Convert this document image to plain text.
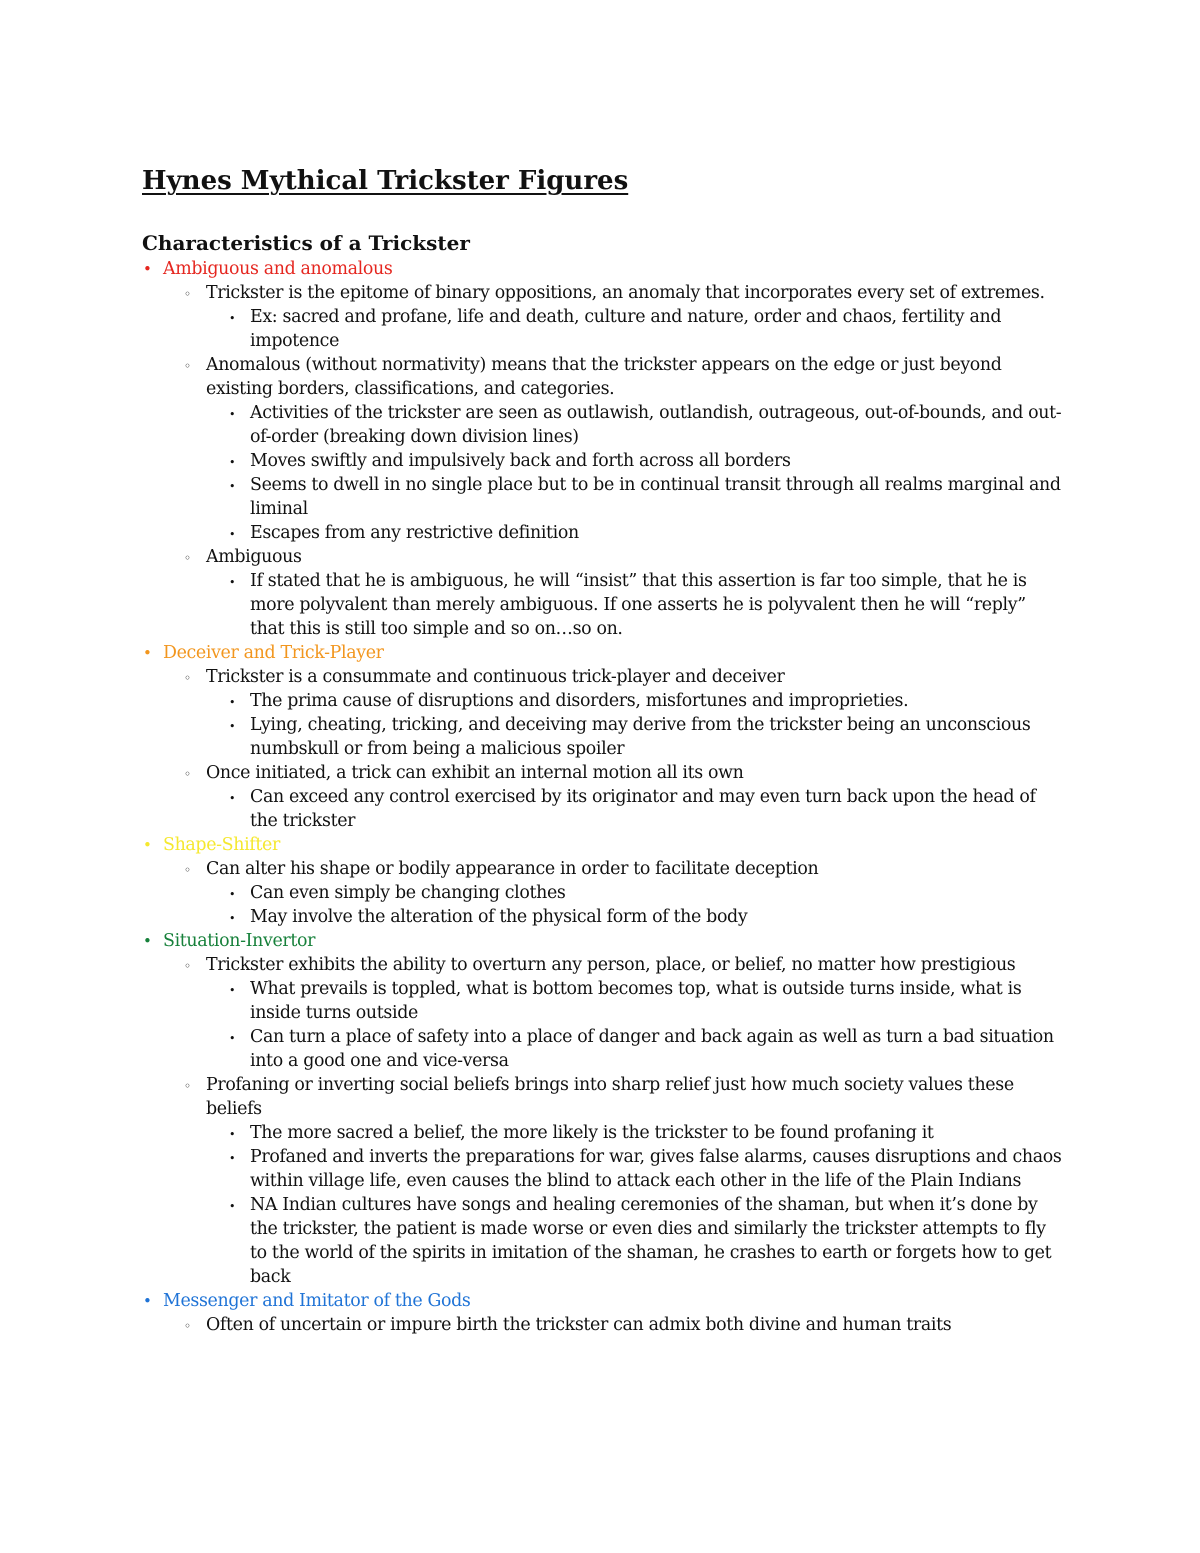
Hynes Mythical Trickster Figures
Characteristics of a Trickster
• Ambiguous and anomalous
◦ Trickster is the epitome of binary oppositions, an anomaly that incorporates every set of extremes.
• Ex: sacred and profane, life and death, culture and nature, order and chaos, fertility and impotence
◦ Anomalous (without normativity) means that the trickster appears on the edge or just beyond existing borders, classifications, and categories.
• Activities of the trickster are seen as outlawish, outlandish, outrageous, out-of-bounds, and out-of-order (breaking down division lines)
• Moves swiftly and impulsively back and forth across all borders
• Seems to dwell in no single place but to be in continual transit through all realms marginal and liminal
• Escapes from any restrictive definition
◦ Ambiguous
• If stated that he is ambiguous, he will “insist” that this assertion is far too simple, that he is more polyvalent than merely ambiguous. If one asserts he is polyvalent then he will “reply” that this is still too simple and so on…so on.
• Deceiver and Trick-Player
◦ Trickster is a consummate and continuous trick-player and deceiver
• The prima cause of disruptions and disorders, misfortunes and improprieties.
• Lying, cheating, tricking, and deceiving may derive from the trickster being an unconscious numbskull or from being a malicious spoiler
◦ Once initiated, a trick can exhibit an internal motion all its own
• Can exceed any control exercised by its originator and may even turn back upon the head of the trickster
• Shape-Shifter
◦ Can alter his shape or bodily appearance in order to facilitate deception
• Can even simply be changing clothes
• May involve the alteration of the physical form of the body
• Situation-Invertor
◦ Trickster exhibits the ability to overturn any person, place, or belief, no matter how prestigious
• What prevails is toppled, what is bottom becomes top, what is outside turns inside, what is inside turns outside
• Can turn a place of safety into a place of danger and back again as well as turn a bad situation into a good one and vice-versa
◦ Profaning or inverting social beliefs brings into sharp relief just how much society values these beliefs
• The more sacred a belief, the more likely is the trickster to be found profaning it
• Profaned and inverts the preparations for war, gives false alarms, causes disruptions and chaos within village life, even causes the blind to attack each other in the life of the Plain Indians
• NA Indian cultures have songs and healing ceremonies of the shaman, but when it’s done by the trickster, the patient is made worse or even dies and similarly the trickster attempts to fly to the world of the spirits in imitation of the shaman, he crashes to earth or forgets how to get back
• Messenger and Imitator of the Gods
◦ Often of uncertain or impure birth the trickster can admix both divine and human traits
